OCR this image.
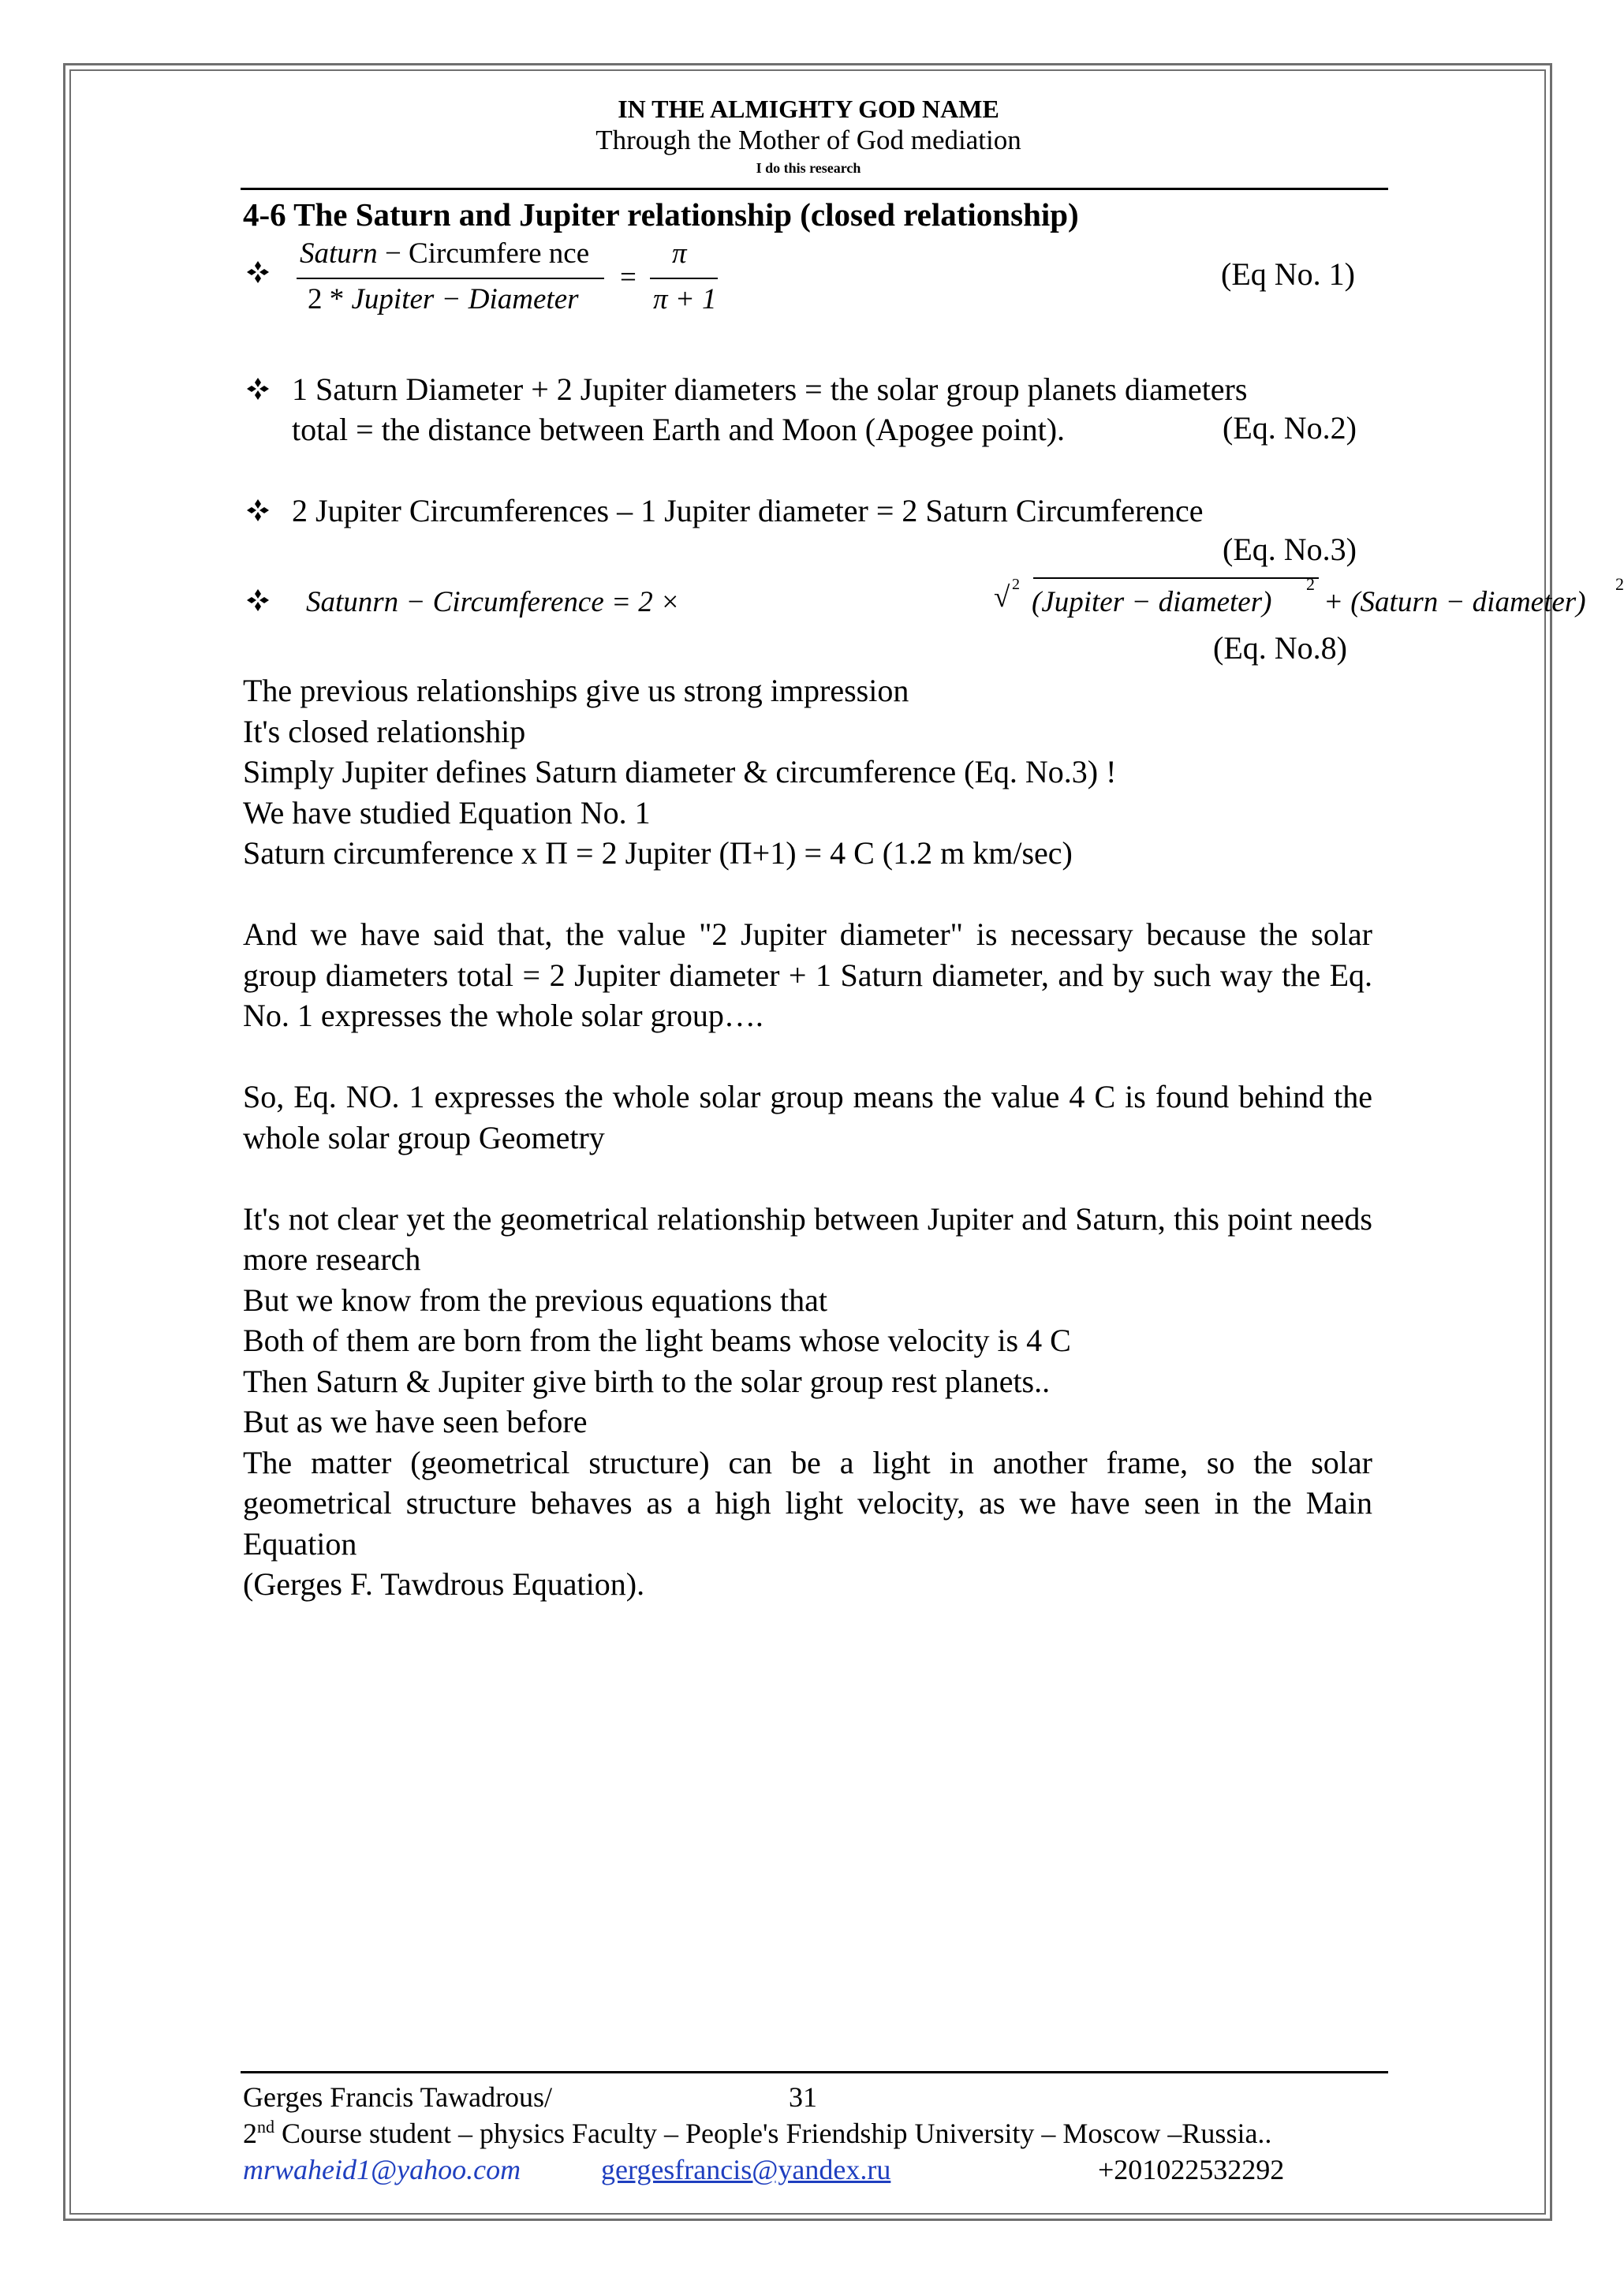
IN THE ALMIGHTY GOD NAME
Through the Mother of God mediation
I do this research
4-6 The Saturn and Jupiter relationship (closed relationship)
Saturn − Circumfere nce
2 * Jupiter − Diameter
=
π
π + 1
(Eq No. 1)
1 Saturn Diameter + 2 Jupiter diameters = the solar group planets diameters
total = the distance between Earth and Moon (Apogee point).	(Eq. No.2)
2 Jupiter Circumferences – 1 Jupiter diameter = 2 Saturn Circumference
(Eq. No.3)
Satunrn − Circumference = 2 ×
2
√ (Jupiter − diameter)
2
+ (Saturn − diameter)
2
(Eq. No.8)
The previous relationships give us strong impression
It's closed relationship
Simply Jupiter defines Saturn diameter & circumference (Eq. No.3) !
We have studied Equation No. 1
Saturn circumference x Π = 2 Jupiter (Π+1) = 4 C (1.2 m km/sec)

And we have said that, the value "2 Jupiter diameter" is necessary because the solar group diameters total = 2 Jupiter diameter + 1 Saturn diameter, and by such way the Eq. No. 1 expresses the whole solar group….

So, Eq. NO. 1 expresses the whole solar group means the value 4 C is found behind the whole solar group Geometry

It's not clear yet the geometrical relationship between Jupiter and Saturn, this point needs more research

But we know from the previous equations that
Both of them are born from the light beams whose velocity is 4 C
Then Saturn & Jupiter give birth to the solar group rest planets..
But as we have seen before

The matter (geometrical structure) can be a light in another frame, so the solar geometrical structure behaves as a high light velocity, as we have seen in the Main Equation

(Gerges F. Tawdrous Equation).
Gerges Francis Tawadrous/	31
2nd Course student – physics Faculty – People's Friendship University – Moscow –Russia..
mrwaheid1@yahoo.com	gergesfrancis@yandex.ru	+201022532292
